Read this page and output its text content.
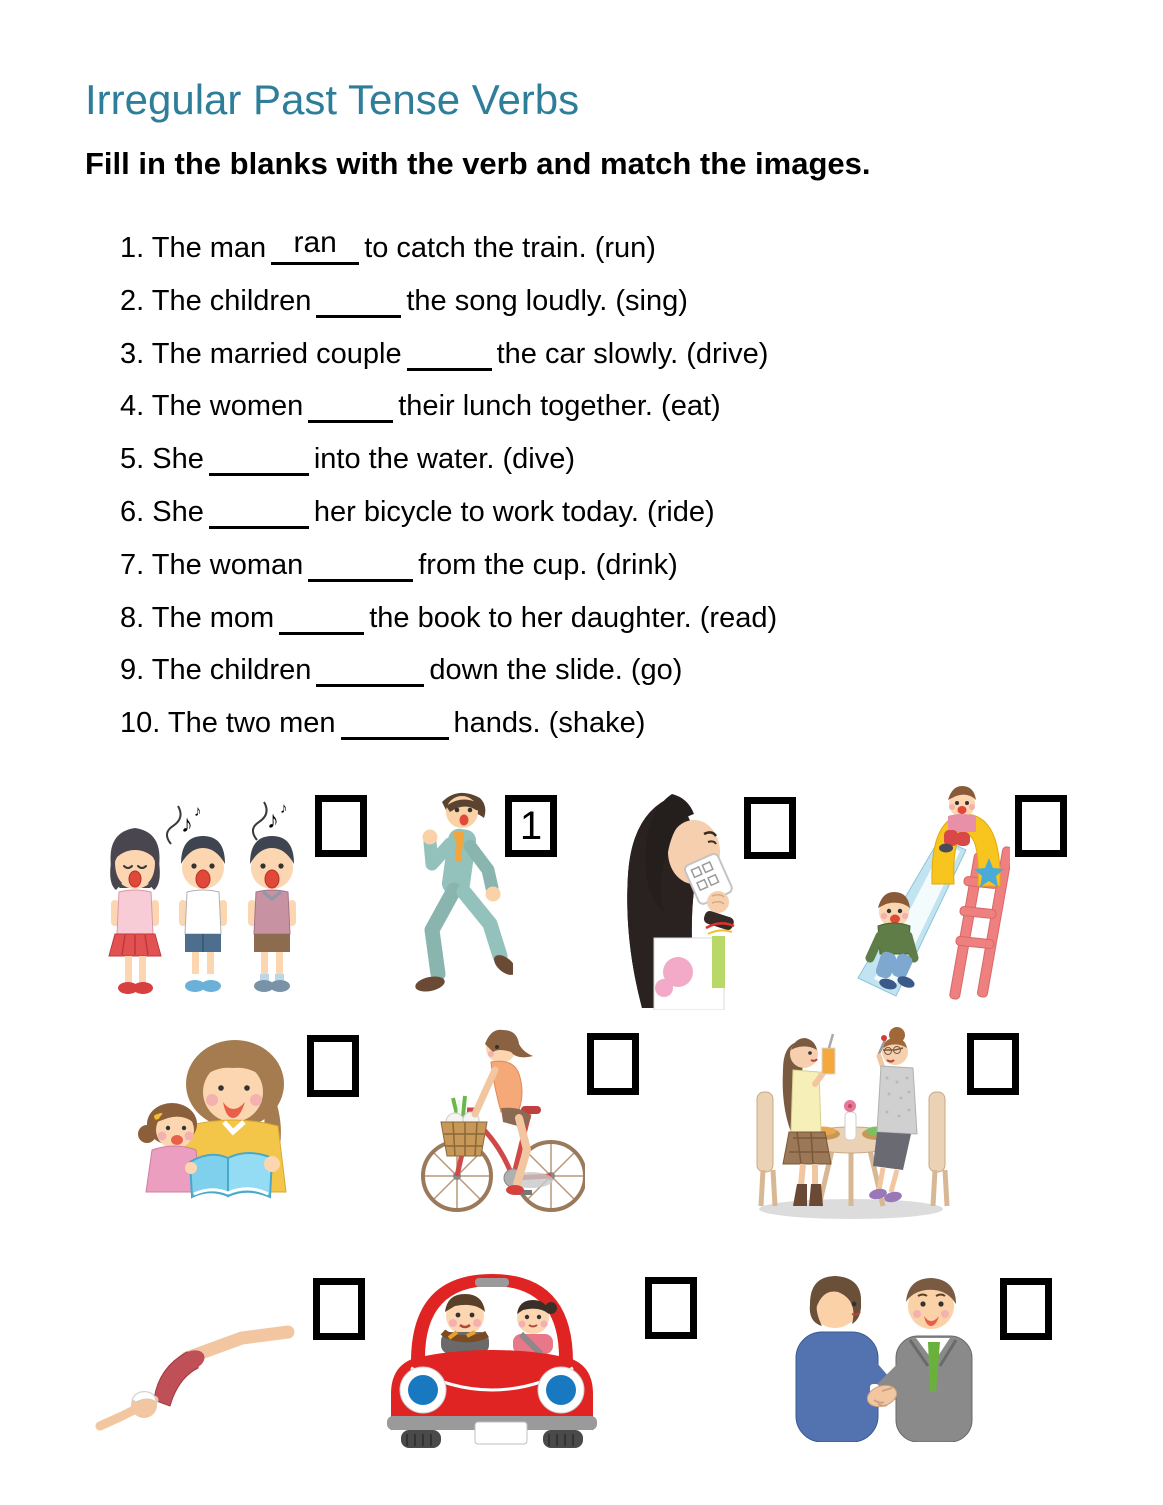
Irregular Past Tense Verbs

Fill in the blanks with the verb and match the images.

1. The man ran to catch the train. (run)
2. The children	the song loudly. (sing)
3. The married couple	the car slowly. (drive)
4. The women	their lunch together. (eat)
5. She	into the water. (dive)
6. She	her bicycle to work today. (ride)
7. The woman	from the cup. (drink)
8. The mom	the book to her daughter. (read)
9. The children	down the slide. (go)
10. The two men	hands. (shake)
♪ ♪	♪ ♪	1
